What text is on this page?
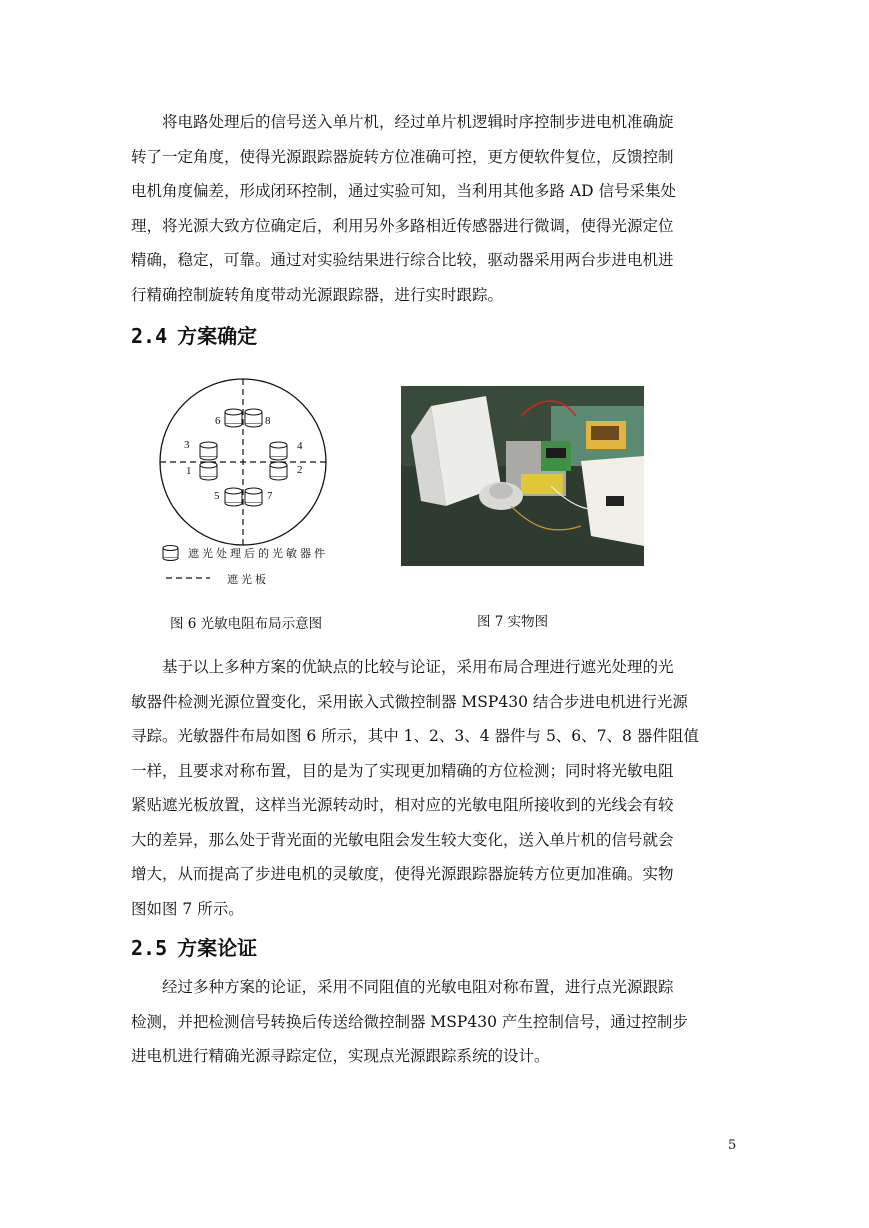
将电路处理后的信号送入单片机，经过单片机逻辑时序控制步进电机准确旋
转了一定角度，使得光源跟踪器旋转方位准确可控，更方便软件复位，反馈控制
电机角度偏差，形成闭环控制，通过实验可知，当利用其他多路 AD 信号采集处
理，将光源大致方位确定后，利用另外多路相近传感器进行微调，使得光源定位
精确，稳定，可靠。通过对实验结果进行综合比较，驱动器采用两台步进电机进
行精确控制旋转角度带动光源跟踪器，进行实时跟踪。
2.4 方案确定
6	8
3	4
1	2
5	7
遮光处理后的光敏器件
遮光板
图 6 光敏电阻布局示意图	图 7 实物图
基于以上多种方案的优缺点的比较与论证，采用布局合理进行遮光处理的光
敏器件检测光源位置变化，采用嵌入式微控制器 MSP430 结合步进电机进行光源
寻踪。光敏器件布局如图 6 所示，其中 1、2、3、4 器件与 5、6、7、8 器件阻值
一样，且要求对称布置，目的是为了实现更加精确的方位检测；同时将光敏电阻
紧贴遮光板放置，这样当光源转动时，相对应的光敏电阻所接收到的光线会有较
大的差异，那么处于背光面的光敏电阻会发生较大变化，送入单片机的信号就会
增大，从而提高了步进电机的灵敏度，使得光源跟踪器旋转方位更加准确。实物
图如图 7 所示。
2.5 方案论证
经过多种方案的论证，采用不同阻值的光敏电阻对称布置，进行点光源跟踪
检测，并把检测信号转换后传送给微控制器 MSP430 产生控制信号，通过控制步
进电机进行精确光源寻踪定位，实现点光源跟踪系统的设计。
5
